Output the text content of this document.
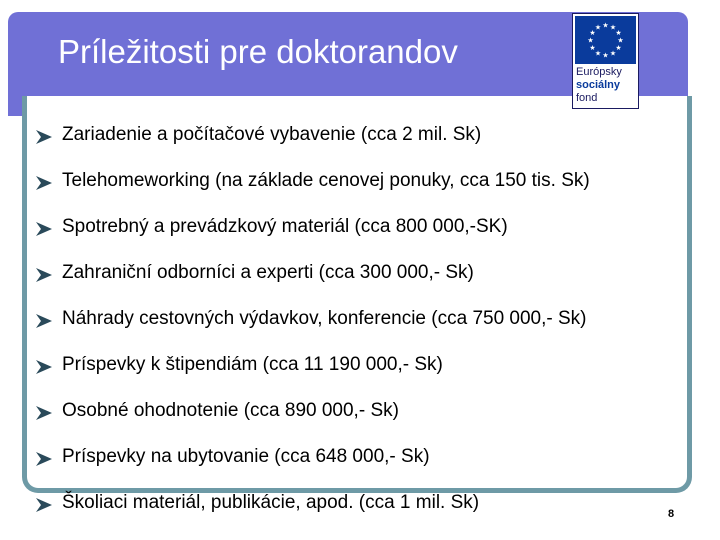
Príležitosti pre doktorandov
★ ★
★
★
★
★
★
★
★
★
★
★
Európsky
sociálny
fond
Zariadenie a počítačové vybavenie (cca 2 mil. Sk)
Telehomeworking (na základe cenovej ponuky, cca 150 tis. Sk)
Spotrebný a prevádzkový materiál (cca 800 000,-SK)
Zahraniční odborníci a experti (cca 300 000,- Sk)
Náhrady cestovných výdavkov, konferencie (cca 750 000,- Sk)
Príspevky k štipendiám (cca 11 190 000,- Sk)
Osobné ohodnotenie (cca 890 000,- Sk)
Príspevky na ubytovanie (cca 648 000,- Sk)
Školiaci materiál, publikácie, apod. (cca 1 mil. Sk)
8
